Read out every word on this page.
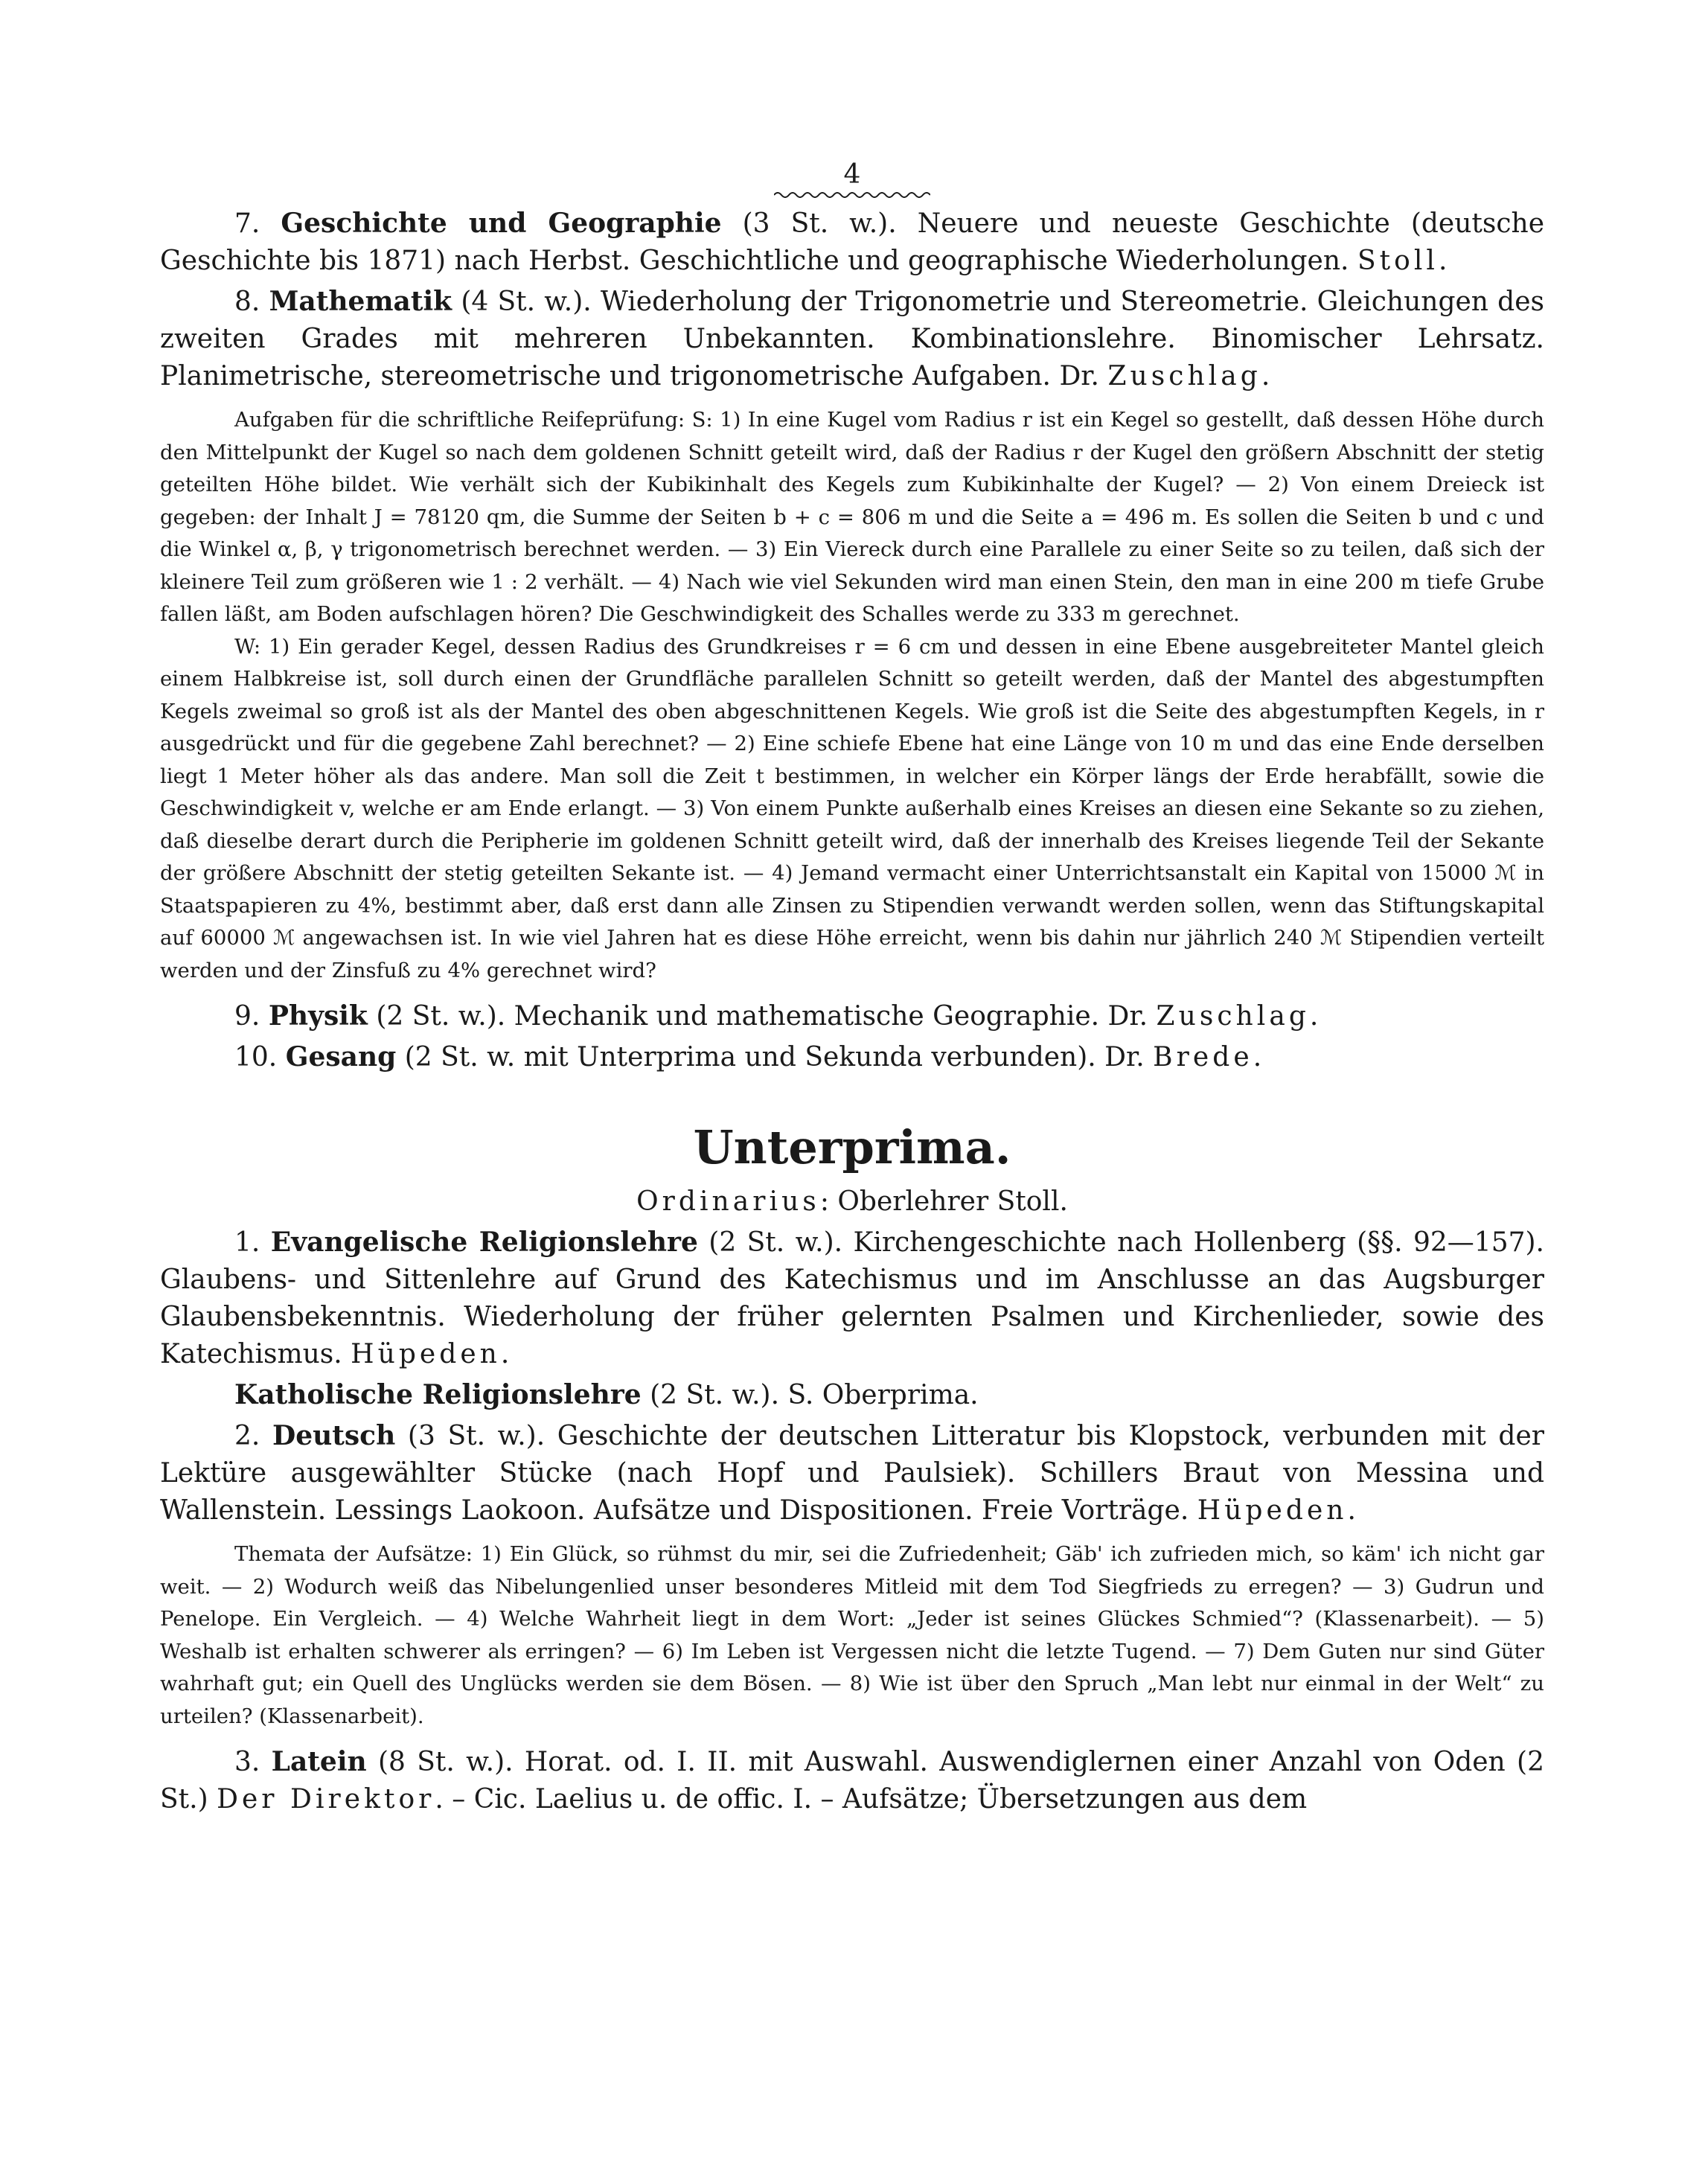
4

7. Geschichte und Geographie (3 St. w.). Neuere und neueste Geschichte (deutsche Geschichte bis 1871) nach Herbst. Geschichtliche und geographische Wiederholungen. Stoll.

8. Mathematik (4 St. w.). Wiederholung der Trigonometrie und Stereometrie. Gleichungen des zweiten Grades mit mehreren Unbekannten. Kombinationslehre. Binomischer Lehrsatz. Planimetrische, stereometrische und trigonometrische Aufgaben. Dr. Zuschlag.

Aufgaben für die schriftliche Reifeprüfung: S: 1) In eine Kugel vom Radius r ist ein Kegel so gestellt, daß dessen Höhe durch den Mittelpunkt der Kugel so nach dem goldenen Schnitt geteilt wird, daß der Radius r der Kugel den größern Abschnitt der stetig geteilten Höhe bildet. Wie verhält sich der Kubikinhalt des Kegels zum Kubikinhalte der Kugel? — 2) Von einem Dreieck ist gegeben: der Inhalt J = 78120 qm, die Summe der Seiten b + c = 806 m und die Seite a = 496 m. Es sollen die Seiten b und c und die Winkel α, β, γ trigonometrisch berechnet werden. — 3) Ein Viereck durch eine Parallele zu einer Seite so zu teilen, daß sich der kleinere Teil zum größeren wie 1 : 2 verhält. — 4) Nach wie viel Sekunden wird man einen Stein, den man in eine 200 m tiefe Grube fallen läßt, am Boden aufschlagen hören? Die Geschwindigkeit des Schalles werde zu 333 m gerechnet.

W: 1) Ein gerader Kegel, dessen Radius des Grundkreises r = 6 cm und dessen in eine Ebene ausgebreiteter Mantel gleich einem Halbkreise ist, soll durch einen der Grundfläche parallelen Schnitt so geteilt werden, daß der Mantel des abgestumpften Kegels zweimal so groß ist als der Mantel des oben abgeschnittenen Kegels. Wie groß ist die Seite des abgestumpften Kegels, in r ausgedrückt und für die gegebene Zahl berechnet? — 2) Eine schiefe Ebene hat eine Länge von 10 m und das eine Ende derselben liegt 1 Meter höher als das andere. Man soll die Zeit t bestimmen, in welcher ein Körper längs der Erde herabfällt, sowie die Geschwindigkeit v, welche er am Ende erlangt. — 3) Von einem Punkte außerhalb eines Kreises an diesen eine Sekante so zu ziehen, daß dieselbe derart durch die Peripherie im goldenen Schnitt geteilt wird, daß der innerhalb des Kreises liegende Teil der Sekante der größere Abschnitt der stetig geteilten Sekante ist. — 4) Jemand vermacht einer Unterrichtsanstalt ein Kapital von 15000 ℳ in Staatspapieren zu 4%, bestimmt aber, daß erst dann alle Zinsen zu Stipendien verwandt werden sollen, wenn das Stiftungskapital auf 60000 ℳ angewachsen ist. In wie viel Jahren hat es diese Höhe erreicht, wenn bis dahin nur jährlich 240 ℳ Stipendien verteilt werden und der Zinsfuß zu 4% gerechnet wird?

9. Physik (2 St. w.). Mechanik und mathematische Geographie. Dr. Zuschlag.

10. Gesang (2 St. w. mit Unterprima und Sekunda verbunden). Dr. Brede.

Unterprima.
Ordinarius: Oberlehrer Stoll.

1. Evangelische Religionslehre (2 St. w.). Kirchengeschichte nach Hollenberg (§§. 92—157). Glaubens- und Sittenlehre auf Grund des Katechismus und im Anschlusse an das Augsburger Glaubensbekenntnis. Wiederholung der früher gelernten Psalmen und Kirchenlieder, sowie des Katechismus. Hüpeden.

Katholische Religionslehre (2 St. w.). S. Oberprima.

2. Deutsch (3 St. w.). Geschichte der deutschen Litteratur bis Klopstock, verbunden mit der Lektüre ausgewählter Stücke (nach Hopf und Paulsiek). Schillers Braut von Messina und Wallenstein. Lessings Laokoon. Aufsätze und Dispositionen. Freie Vorträge. Hüpeden.

Themata der Aufsätze: 1) Ein Glück, so rühmst du mir, sei die Zufriedenheit; Gäb' ich zufrieden mich, so käm' ich nicht gar weit. — 2) Wodurch weiß das Nibelungenlied unser besonderes Mitleid mit dem Tod Siegfrieds zu erregen? — 3) Gudrun und Penelope. Ein Vergleich. — 4) Welche Wahrheit liegt in dem Wort: „Jeder ist seines Glückes Schmied“? (Klassenarbeit). — 5) Weshalb ist erhalten schwerer als erringen? — 6) Im Leben ist Vergessen nicht die letzte Tugend. — 7) Dem Guten nur sind Güter wahrhaft gut; ein Quell des Unglücks werden sie dem Bösen. — 8) Wie ist über den Spruch „Man lebt nur einmal in der Welt“ zu urteilen? (Klassenarbeit).

3. Latein (8 St. w.). Horat. od. I. II. mit Auswahl. Auswendiglernen einer Anzahl von Oden (2 St.) Der Direktor. – Cic. Laelius u. de offic. I. – Aufsätze; Übersetzungen aus dem
